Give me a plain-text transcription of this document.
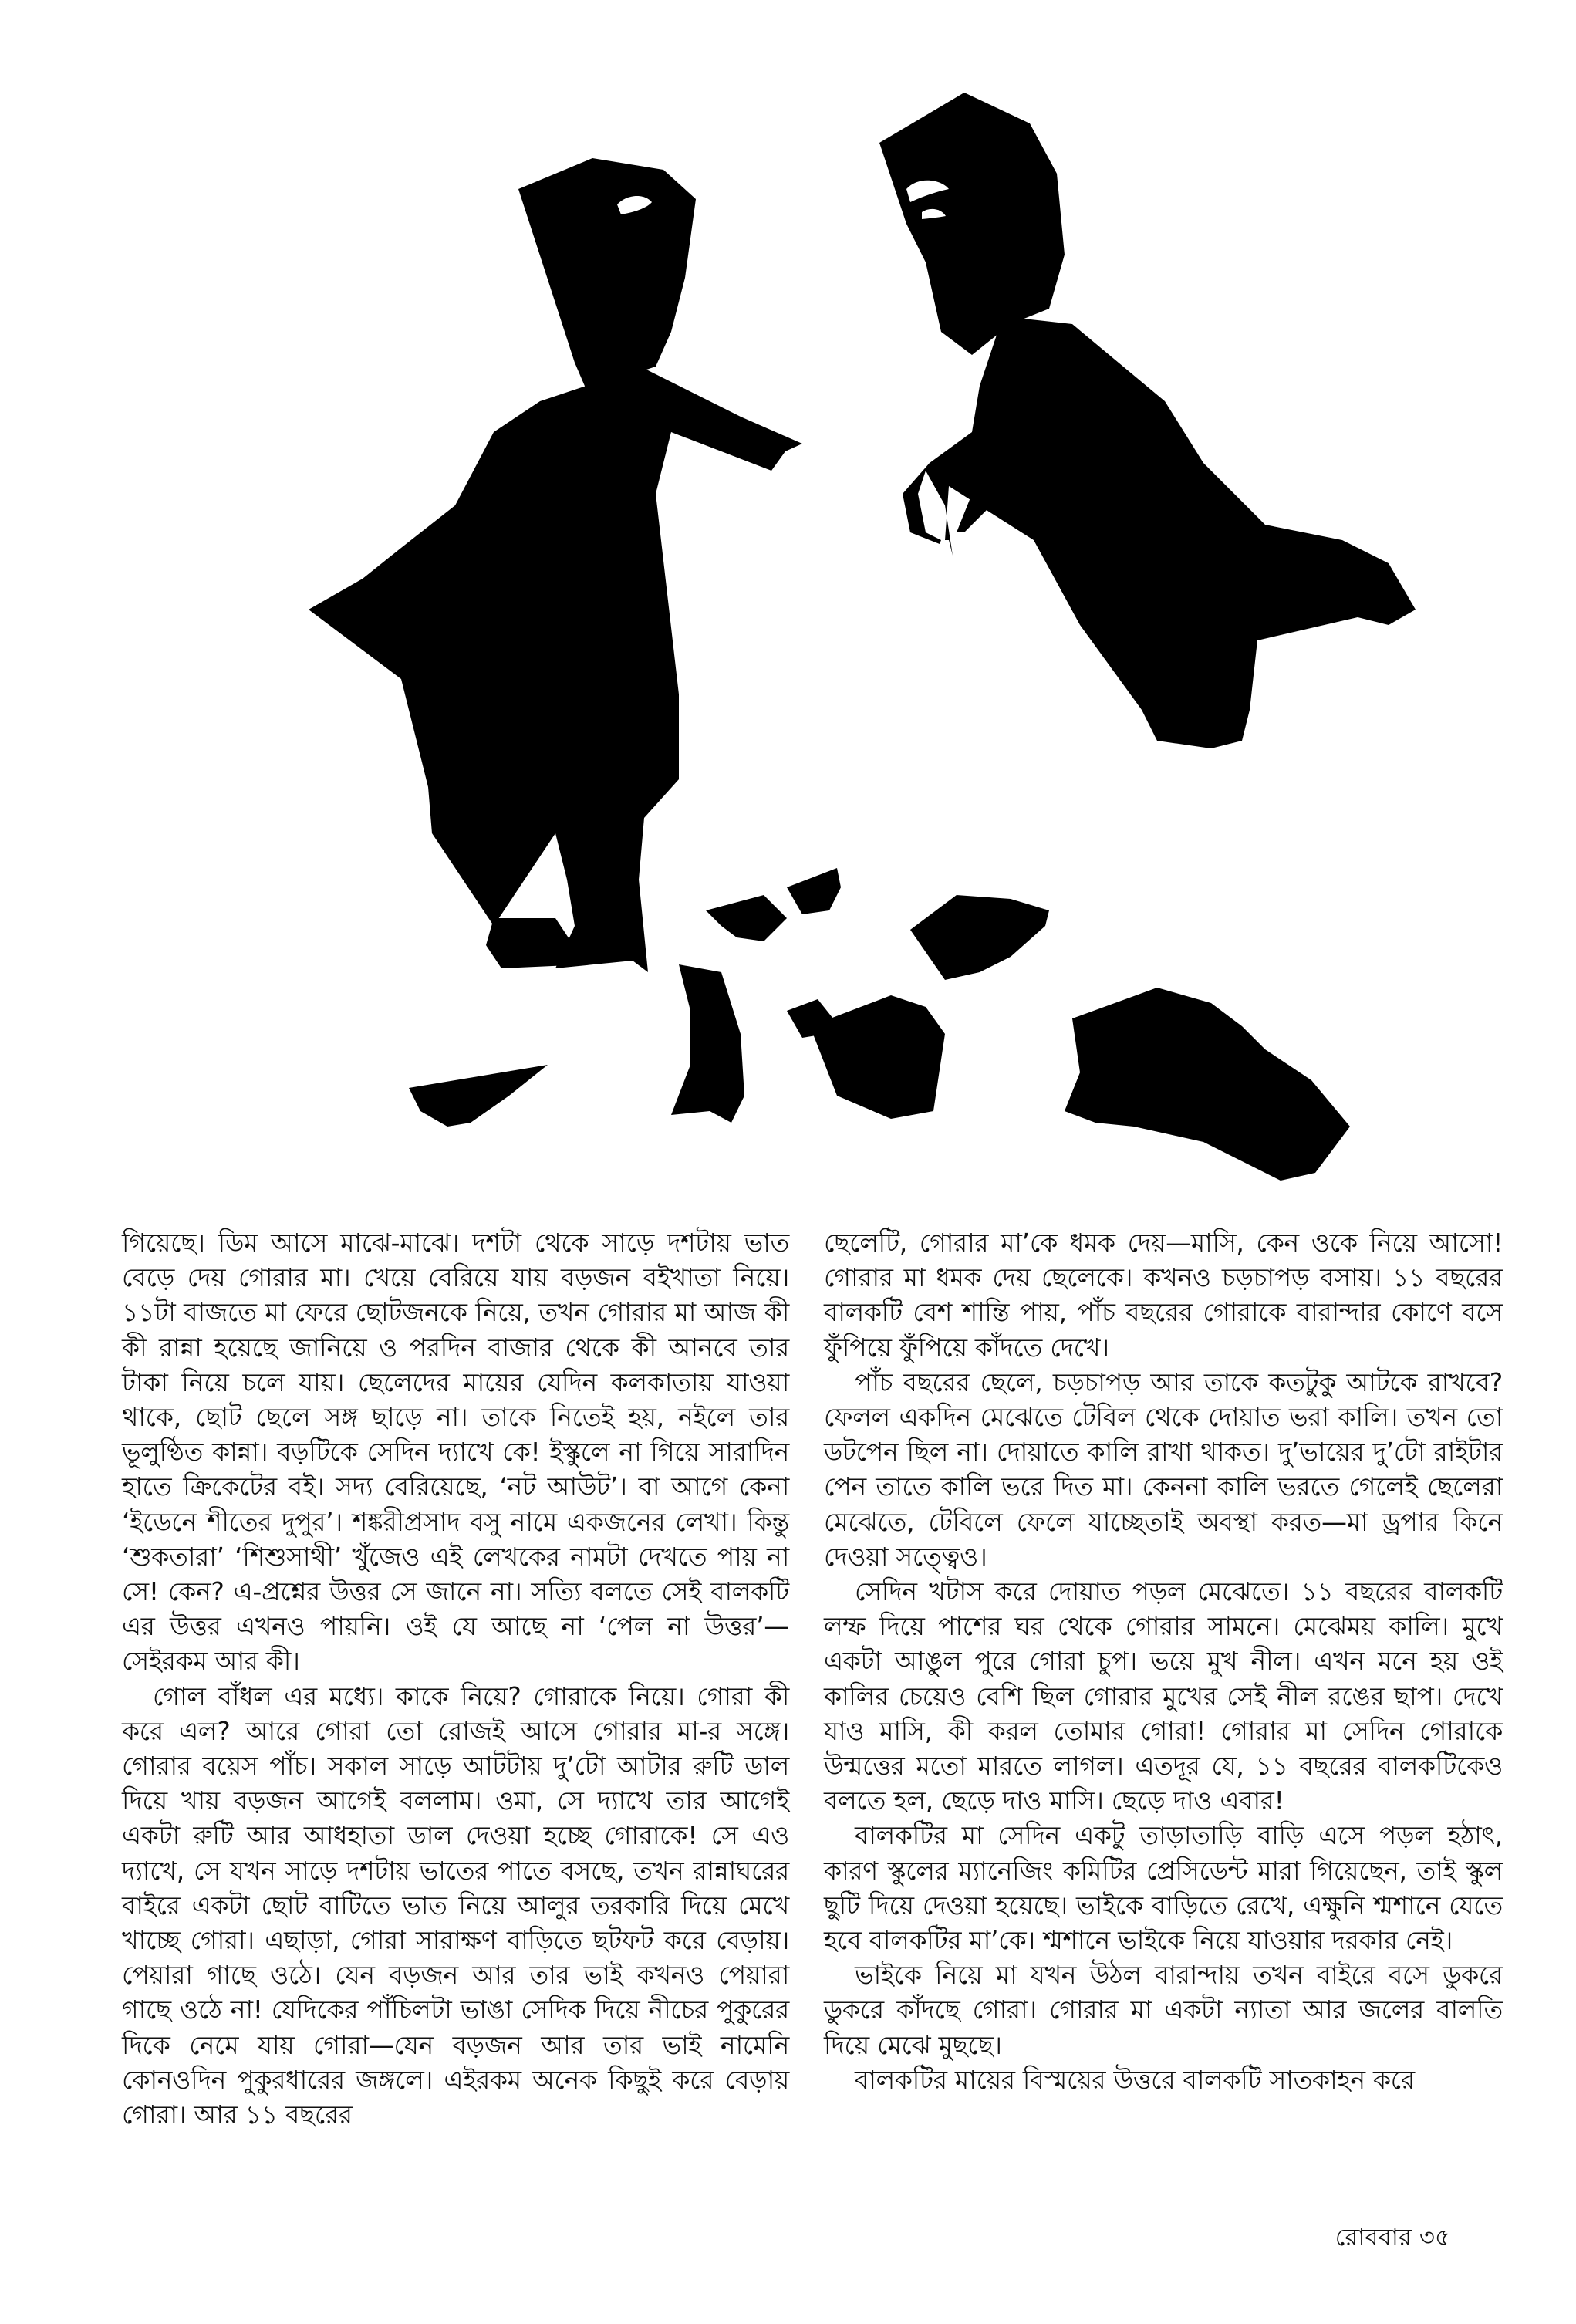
গিয়েছে। ডিম আসে মাঝে-মাঝে। দশটা থেকে সাড়ে দশটায় ভাত বেড়ে দেয় গোরার মা। খেয়ে বেরিয়ে যায় বড়জন বইখাতা নিয়ে। ১১টা বাজতে মা ফেরে ছোটজনকে নিয়ে, তখন গোরার মা আজ কী কী রান্না হয়েছে জানিয়ে ও পরদিন বাজার থেকে কী আনবে তার টাকা নিয়ে চলে যায়। ছেলেদের মায়ের যেদিন কলকাতায় যাওয়া থাকে, ছোট ছেলে সঙ্গ ছাড়ে না। তাকে নিতেই হয়, নইলে তার ভূলুণ্ঠিত কান্না। বড়টিকে সেদিন দ্যাখে কে! ইস্কুলে না গিয়ে সারাদিন হাতে ক্রিকেটের বই। সদ্য বেরিয়েছে, ‘নট আউট’। বা আগে কেনা ‘ইডেনে শীতের দুপুর’। শঙ্করীপ্রসাদ বসু নামে একজনের লেখা। কিন্তু ‘শুকতারা’ ‘শিশুসাথী’ খুঁজেও এই লেখকের নামটা দেখতে পায় না সে! কেন? এ-প্রশ্নের উত্তর সে জানে না। সত্যি বলতে সেই বালকটি এর উত্তর এখনও পায়নি। ওই যে আছে না ‘পেল না উত্তর’—সেইরকম আর কী।

গোল বাঁধল এর মধ্যে। কাকে নিয়ে? গোরাকে নিয়ে। গোরা কী করে এল? আরে গোরা তো রোজই আসে গোরার মা-র সঙ্গে। গোরার বয়েস পাঁচ। সকাল সাড়ে আটটায় দু’টো আটার রুটি ডাল দিয়ে খায় বড়জন আগেই বললাম। ওমা, সে দ্যাখে তার আগেই একটা রুটি আর আধহাতা ডাল দেওয়া হচ্ছে গোরাকে! সে এও দ্যাখে, সে যখন সাড়ে দশটায় ভাতের পাতে বসছে, তখন রান্নাঘরের বাইরে একটা ছোট বাটিতে ভাত নিয়ে আলুর তরকারি দিয়ে মেখে খাচ্ছে গোরা। এছাড়া, গোরা সারাক্ষণ বাড়িতে ছটফট করে বেড়ায়। পেয়ারা গাছে ওঠে। যেন বড়জন আর তার ভাই কখনও পেয়ারা গাছে ওঠে না! যেদিকের পাঁচিলটা ভাঙা সেদিক দিয়ে নীচের পুকুরের দিকে নেমে যায় গোরা—যেন বড়জন আর তার ভাই নামেনি কোনওদিন পুকুরধারের জঙ্গলে। এইরকম অনেক কিছুই করে বেড়ায় গোরা। আর ১১ বছরের

ছেলেটি, গোরার মা’কে ধমক দেয়—মাসি, কেন ওকে নিয়ে আসো! গোরার মা ধমক দেয় ছেলেকে। কখনও চড়চাপড় বসায়। ১১ বছরের বালকটি বেশ শান্তি পায়, পাঁচ বছরের গোরাকে বারান্দার কোণে বসে ফুঁপিয়ে ফুঁপিয়ে কাঁদতে দেখে।

পাঁচ বছরের ছেলে, চড়চাপড় আর তাকে কতটুকু আটকে রাখবে? ফেলল একদিন মেঝেতে টেবিল থেকে দোয়াত ভরা কালি। তখন তো ডটপেন ছিল না। দোয়াতে কালি রাখা থাকত। দু’ভায়ের দু’টো রাইটার পেন তাতে কালি ভরে দিত মা। কেননা কালি ভরতে গেলেই ছেলেরা মেঝেতে, টেবিলে ফেলে যাচ্ছেতাই অবস্থা করত—মা ড্রপার কিনে দেওয়া সত্ত্বেও।

সেদিন খটাস করে দোয়াত পড়ল মেঝেতে। ১১ বছরের বালকটি লম্ফ দিয়ে পাশের ঘর থেকে গোরার সামনে। মেঝেময় কালি। মুখে একটা আঙুল পুরে গোরা চুপ। ভয়ে মুখ নীল। এখন মনে হয় ওই কালির চেয়েও বেশি ছিল গোরার মুখের সেই নীল রঙের ছাপ। দেখে যাও মাসি, কী করল তোমার গোরা! গোরার মা সেদিন গোরাকে উন্মত্তের মতো মারতে লাগল। এতদূর যে, ১১ বছরের বালকটিকেও বলতে হল, ছেড়ে দাও মাসি। ছেড়ে দাও এবার!

বালকটির মা সেদিন একটু তাড়াতাড়ি বাড়ি এসে পড়ল হঠাৎ, কারণ স্কুলের ম্যানেজিং কমিটির প্রেসিডেন্ট মারা গিয়েছেন, তাই স্কুল ছুটি দিয়ে দেওয়া হয়েছে। ভাইকে বাড়িতে রেখে, এক্ষুনি শ্মশানে যেতে হবে বালকটির মা’কে। শ্মশানে ভাইকে নিয়ে যাওয়ার দরকার নেই।

ভাইকে নিয়ে মা যখন উঠল বারান্দায় তখন বাইরে বসে ডুকরে ডুকরে কাঁদছে গোরা। গোরার মা একটা ন্যাতা আর জলের বালতি দিয়ে মেঝে মুছছে।

বালকটির মায়ের বিস্ময়ের উত্তরে বালকটি সাতকাহন করে

রোববার ৩৫
